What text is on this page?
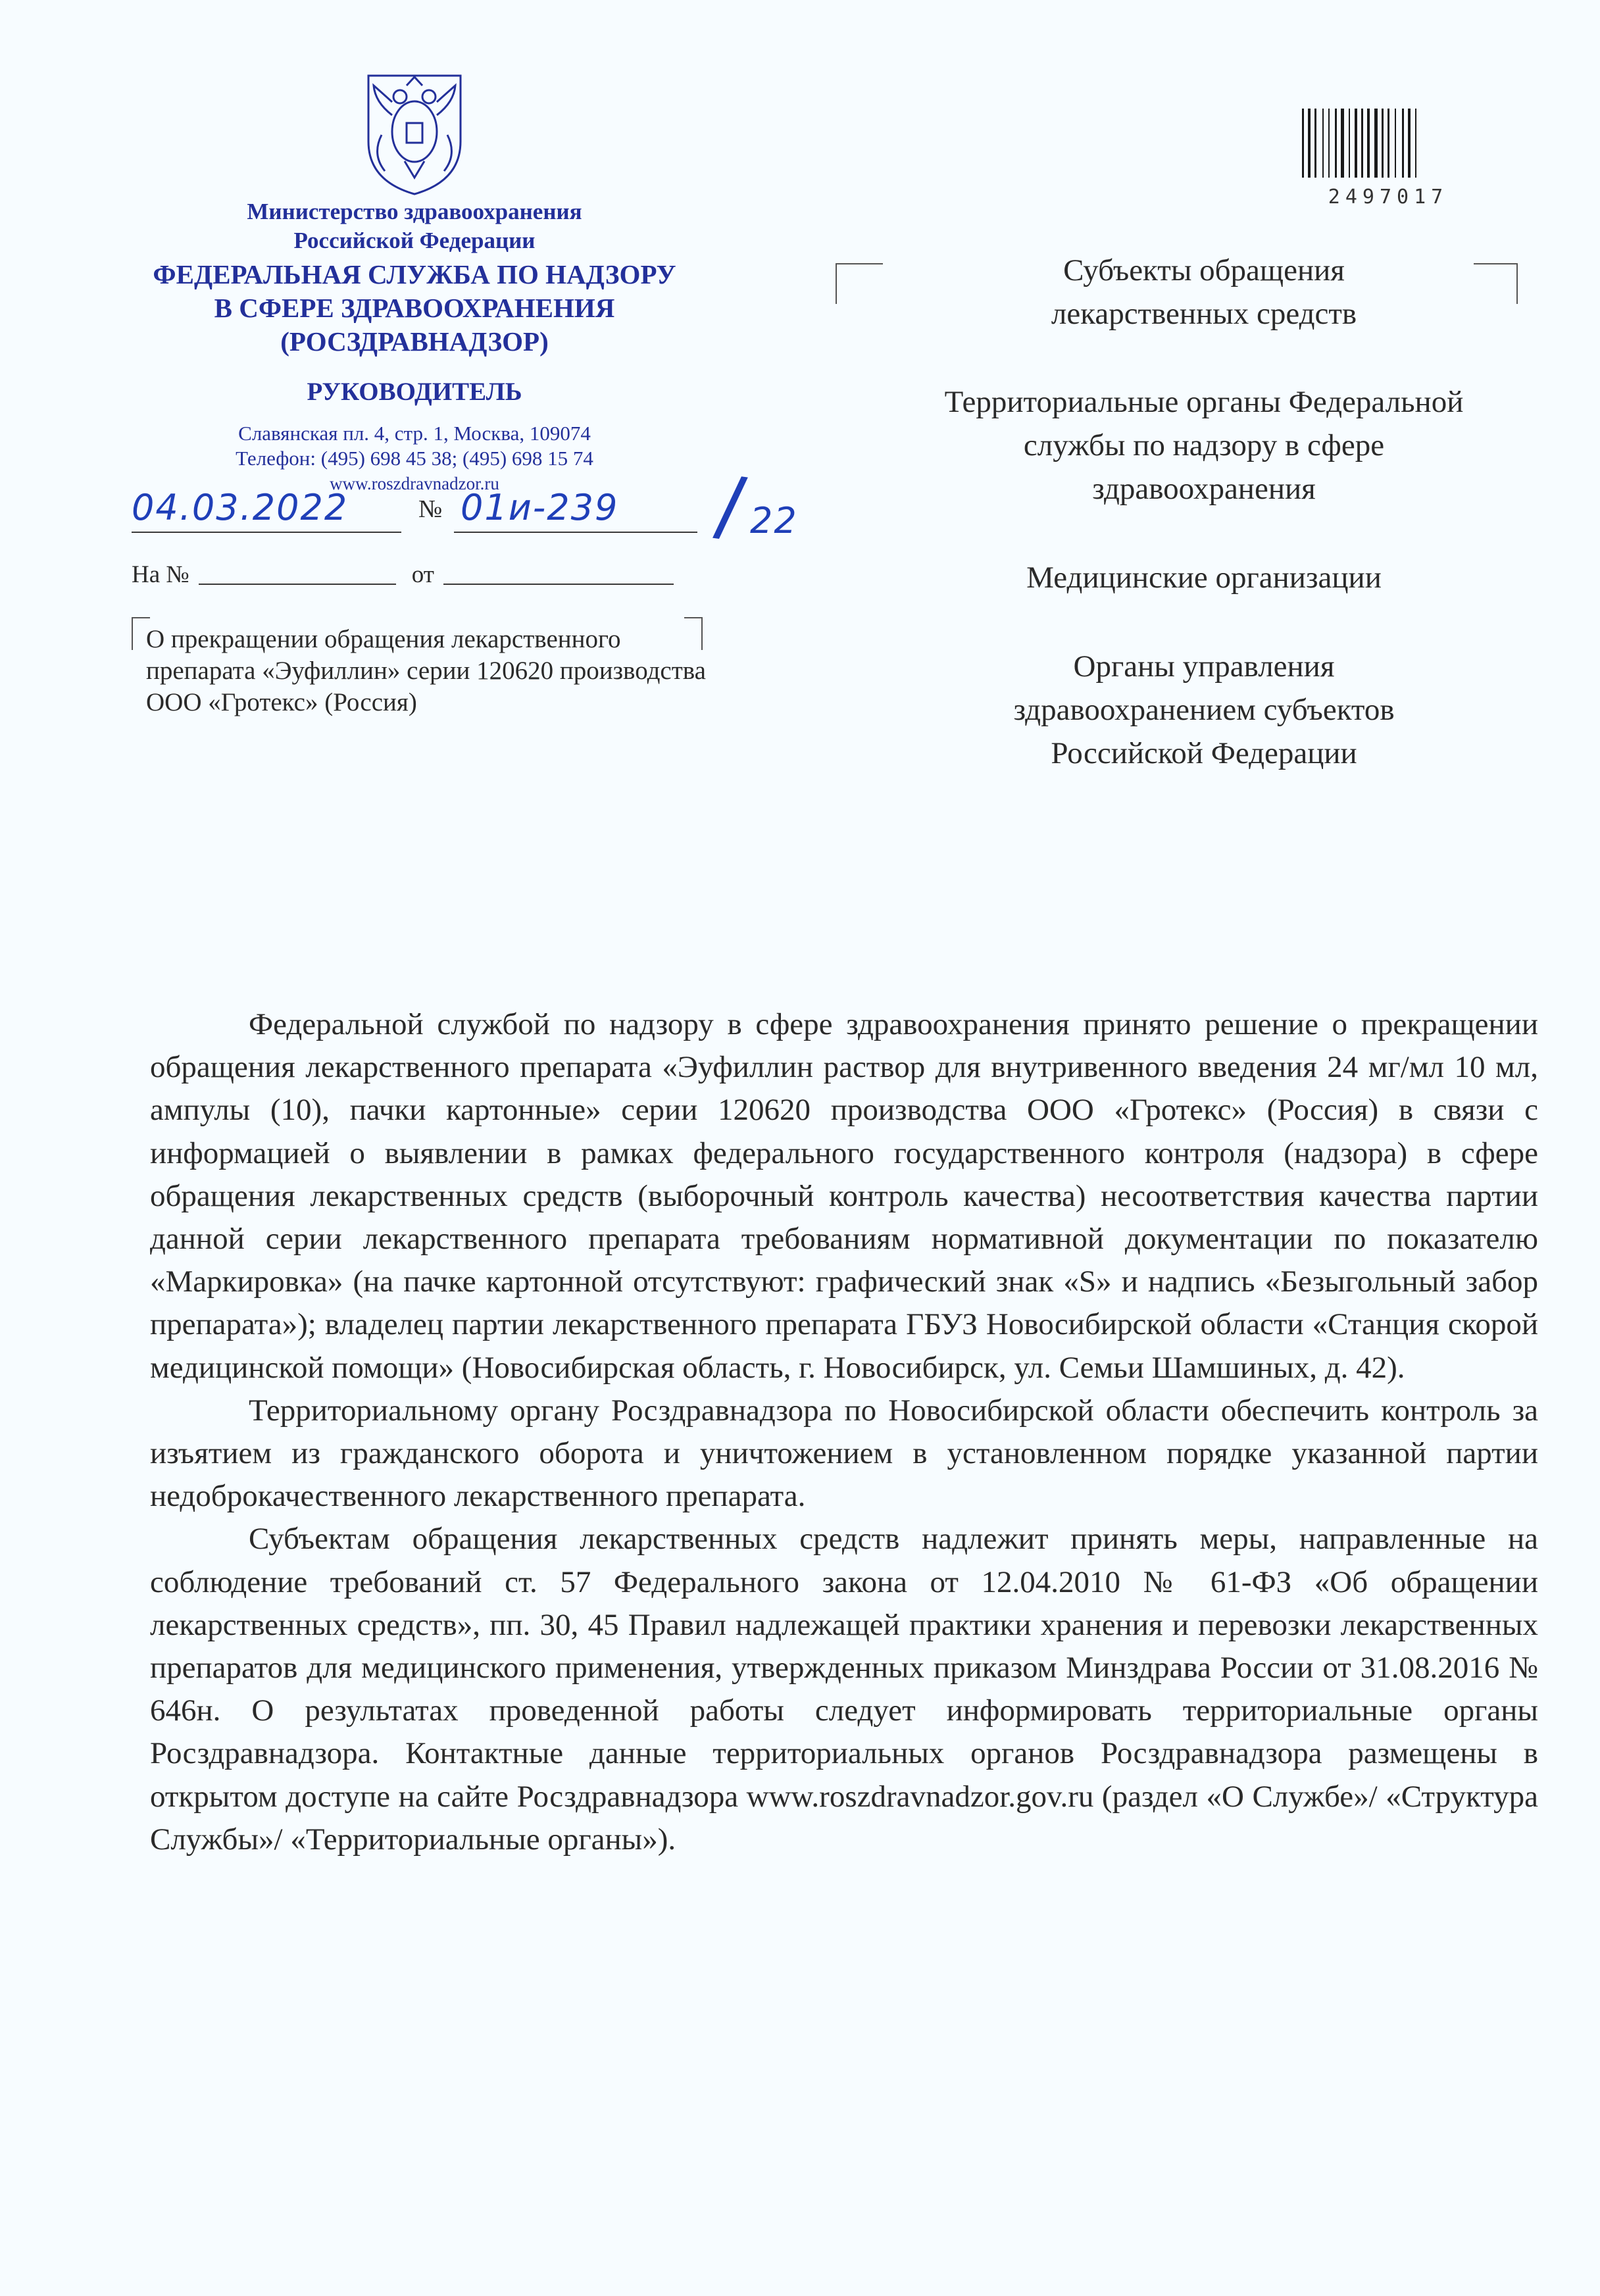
Министерство здравоохранения Российской Федерации
ФЕДЕРАЛЬНАЯ СЛУЖБА ПО НАДЗОРУ
В СФЕРЕ ЗДРАВООХРАНЕНИЯ
(РОСЗДРАВНАДЗОР)
РУКОВОДИТЕЛЬ
Славянская пл. 4, стр. 1, Москва, 109074
Телефон: (495) 698 45 38; (495) 698 15 74
www.roszdravnadzor.ru
04.03.2022	№ 01и-239 /
22
На №	от
О прекращении обращения лекарственного препарата «Эуфиллин» серии 120620 производства ООО «Гротекс» (Россия)
2497017
Субъекты обращения лекарственных средств
Территориальные органы Федеральной службы по надзору в сфере здравоохранения
Медицинские организации
Органы управления здравоохранением субъектов Российской Федерации

Федеральной службой по надзору в сфере здравоохранения принято решение о прекращении обращения лекарственного препарата «Эуфиллин раствор для внутривенного введения 24 мг/мл 10 мл, ампулы (10), пачки картонные» серии 120620 производства ООО «Гротекс» (Россия) в связи с информацией о выявлении в рамках федерального государственного контроля (надзора) в сфере обращения лекарственных средств (выборочный контроль качества) несоответствия качества партии данной серии лекарственного препарата требованиям нормативной документации по показателю «Маркировка» (на пачке картонной отсутствуют: графический знак «S» и надпись «Безыгольный забор препарата»); владелец партии лекарственного препарата ГБУЗ Новосибирской области «Станция скорой медицинской помощи» (Новосибирская область, г. Новосибирск, ул. Семьи Шамшиных, д. 42).

Территориальному органу Росздравнадзора по Новосибирской области обеспечить контроль за изъятием из гражданского оборота и уничтожением в установленном порядке указанной партии недоброкачественного лекарственного препарата.

Субъектам обращения лекарственных средств надлежит принять меры, направленные на соблюдение требований ст. 57 Федерального закона от 12.04.2010 № 61-ФЗ «Об обращении лекарственных средств», пп. 30, 45 Правил надлежащей практики хранения и перевозки лекарственных препаратов для медицинского применения, утвержденных приказом Минздрава России от 31.08.2016 № 646н. О результатах проведенной работы следует информировать территориальные органы Росздравнадзора. Контактные данные территориальных органов Росздравнадзора размещены в открытом доступе на сайте Росздравнадзора www.roszdravnadzor.gov.ru (раздел «О Службе»/ «Структура Службы»/ «Территориальные органы»).
